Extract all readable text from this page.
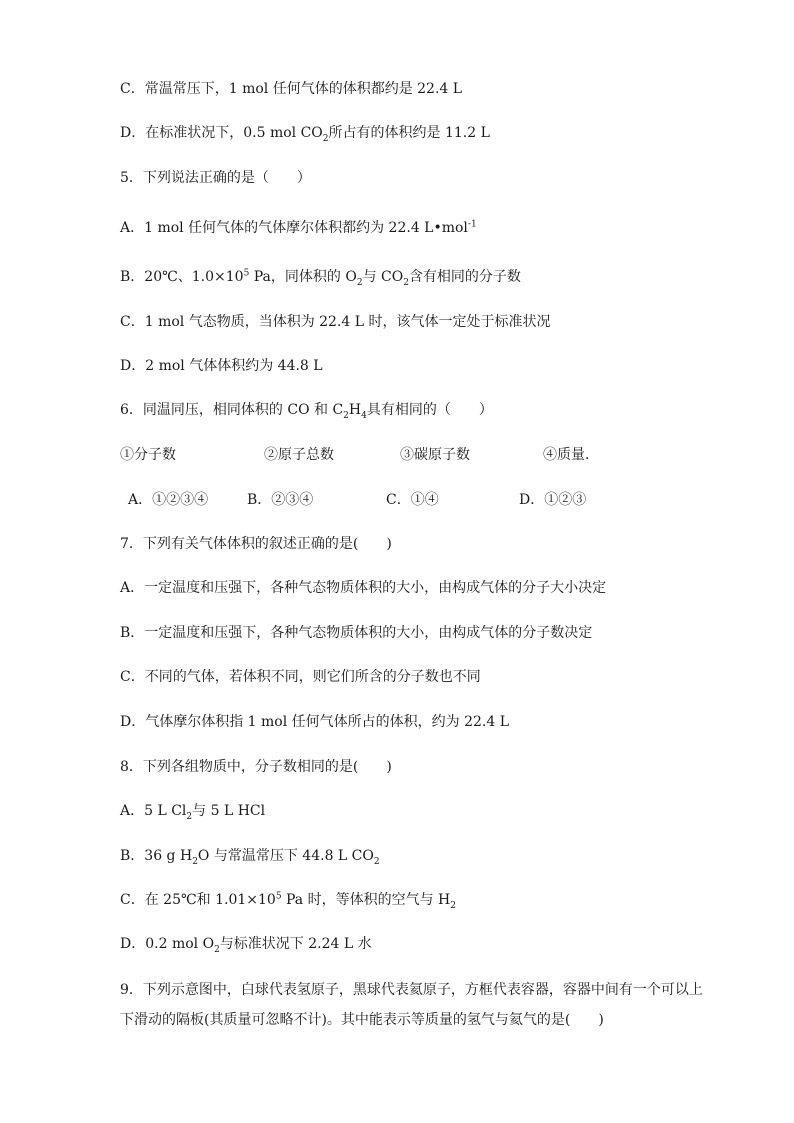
C．常温常压下，1 mol 任何气体的体积都约是 22.4 L
D．在标准状况下，0.5 mol $CO_2$所占有的体积约是 11.2 L
5．下列说法正确的是（　　）
A．1 mol 任何气体的气体摩尔体积都约为 22.4 L•mol$^{-1}$
B．20℃、$1.0\times 10^5$ Pa，同体积的 $O_2$与 $CO_2$含有相同的分子数
C．1 mol 气态物质，当体积为 22.4 L 时，该气体一定处于标准状况
D．2 mol 气体体积约为 44.8 L
6．同温同压，相同体积的 CO 和 $C_2H_4$具有相同的（　　）
①分子数	②原子总数	③碳原子数	④质量．
A．①②③④	B．②③④	C．①④	D．①②③
7．下列有关气体体积的叙述正确的是(　　)
A．一定温度和压强下，各种气态物质体积的大小，由构成气体的分子大小决定
B．一定温度和压强下，各种气态物质体积的大小，由构成气体的分子数决定
C．不同的气体，若体积不同，则它们所含的分子数也不同
D．气体摩尔体积指 1 mol 任何气体所占的体积，约为 22.4 L
8．下列各组物质中，分子数相同的是(　　)
A．5 L $Cl_2$与 5 L HCl
B．36 g $H_2O$ 与常温常压下 44.8 L $CO_2$
C．在 25℃和 $1.01\times 10^5$ Pa 时，等体积的空气与 $H_2$
D．0.2 mol $O_2$与标准状况下 2.24 L 水
9．下列示意图中，白球代表氢原子，黑球代表氦原子，方框代表容器，容器中间有一个可以上下滑动的隔板(其质量可忽略不计)。其中能表示等质量的氢气与氦气的是(　　)
